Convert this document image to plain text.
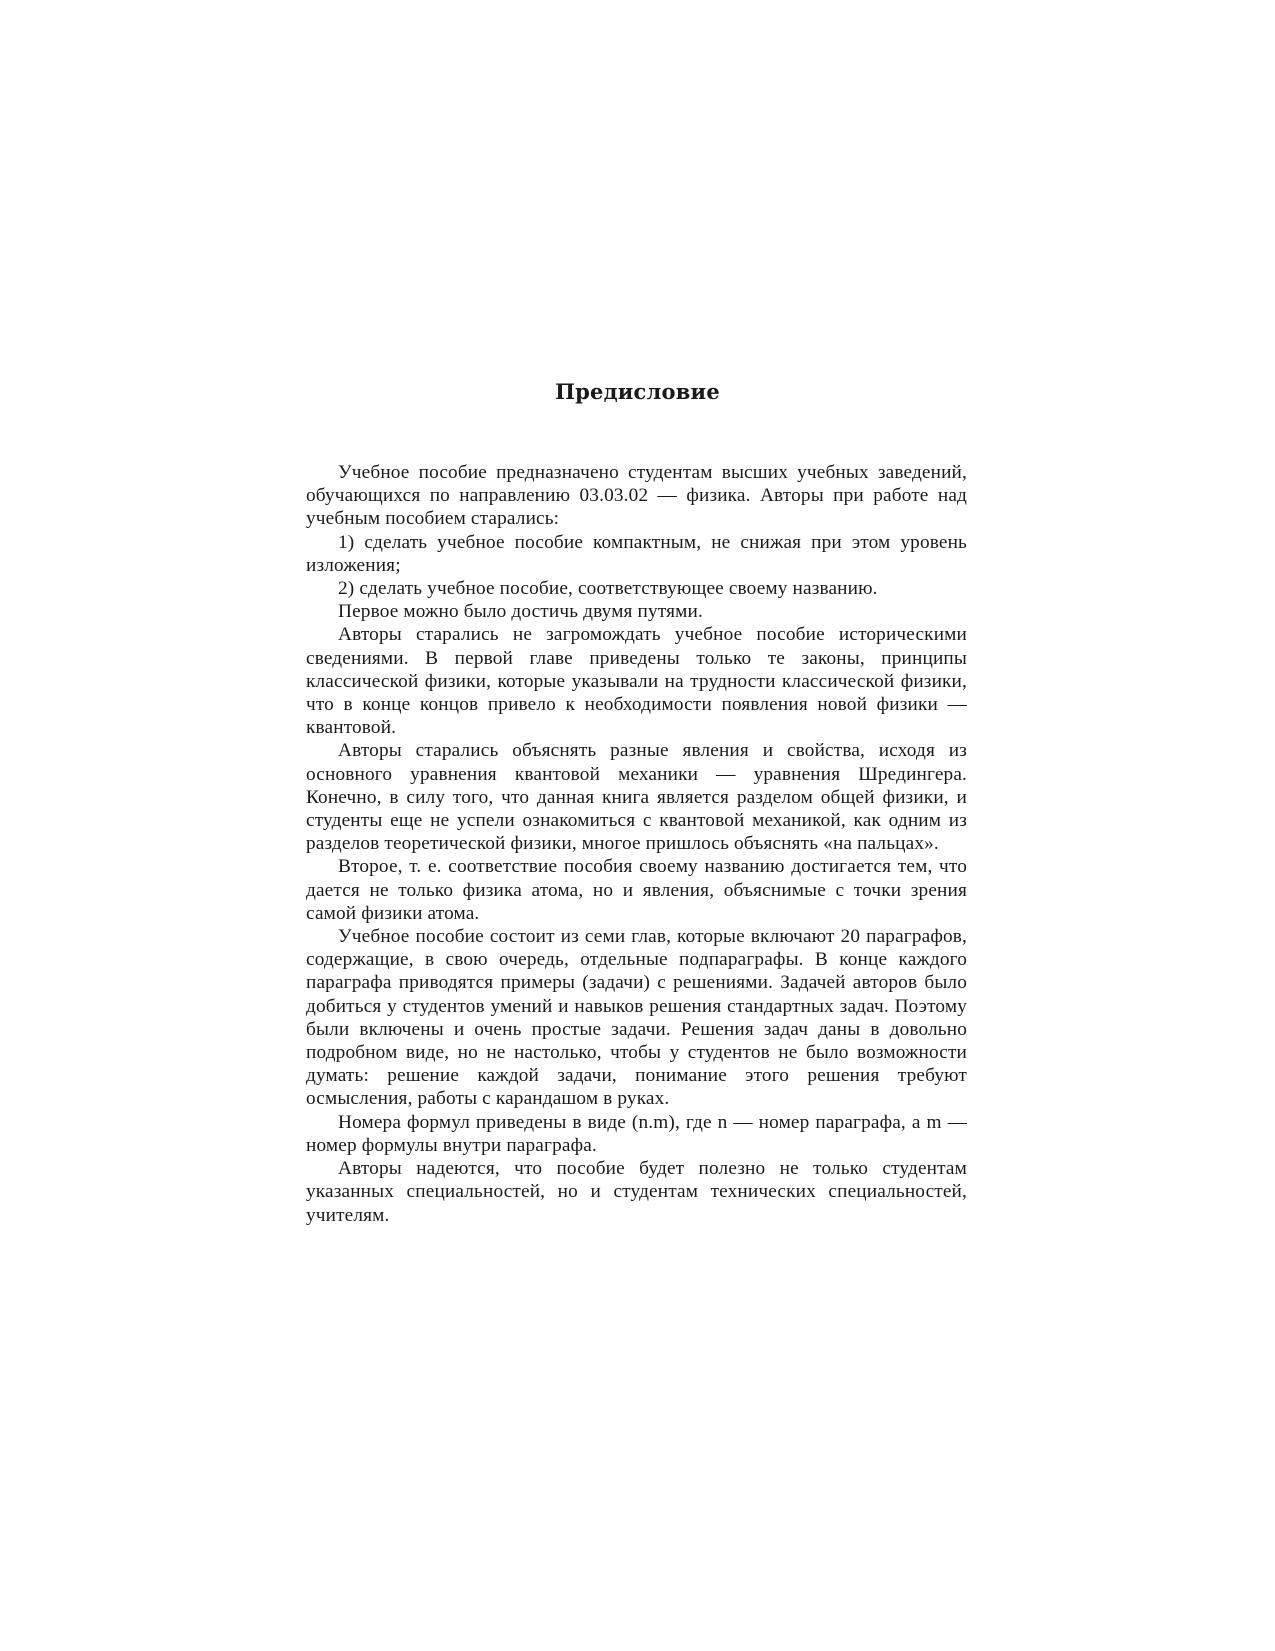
Предисловие

Учебное пособие предназначено студентам высших учебных заведений, обучающихся по направлению 03.03.02 — физика. Авторы при работе над учебным пособием старались:

1) сделать учебное пособие компактным, не снижая при этом уровень изложения;

2) сделать учебное пособие, соответствующее своему названию.

Первое можно было достичь двумя путями.

Авторы старались не загромождать учебное пособие историческими сведениями. В первой главе приведены только те законы, принципы классической физики, которые указывали на трудности классической физики, что в конце концов привело к необходимости появления новой физики — квантовой.

Авторы старались объяснять разные явления и свойства, исходя из основного уравнения квантовой механики — уравнения Шредингера. Конечно, в силу того, что данная книга является разделом общей физики, и студенты еще не успели ознакомиться с квантовой механикой, как одним из разделов теоретической физики, многое пришлось объяснять «на пальцах».

Второе, т. е. соответствие пособия своему названию достигается тем, что дается не только физика атома, но и явления, объяснимые с точки зрения самой физики атома.

Учебное пособие состоит из семи глав, которые включают 20 параграфов, содержащие, в свою очередь, отдельные подпараграфы. В конце каждого параграфа приводятся примеры (задачи) с решениями. Задачей авторов было добиться у студентов умений и навыков решения стандартных задач. Поэтому были включены и очень простые задачи. Решения задач даны в довольно подробном виде, но не настолько, чтобы у студентов не было возможности думать: решение каждой задачи, понимание этого решения требуют осмысления, работы с карандашом в руках.

Номера формул приведены в виде (n.m), где n — номер параграфа, a m — номер формулы внутри параграфа.

Авторы надеются, что пособие будет полезно не только студентам указанных специальностей, но и студентам технических специальностей, учителям.
